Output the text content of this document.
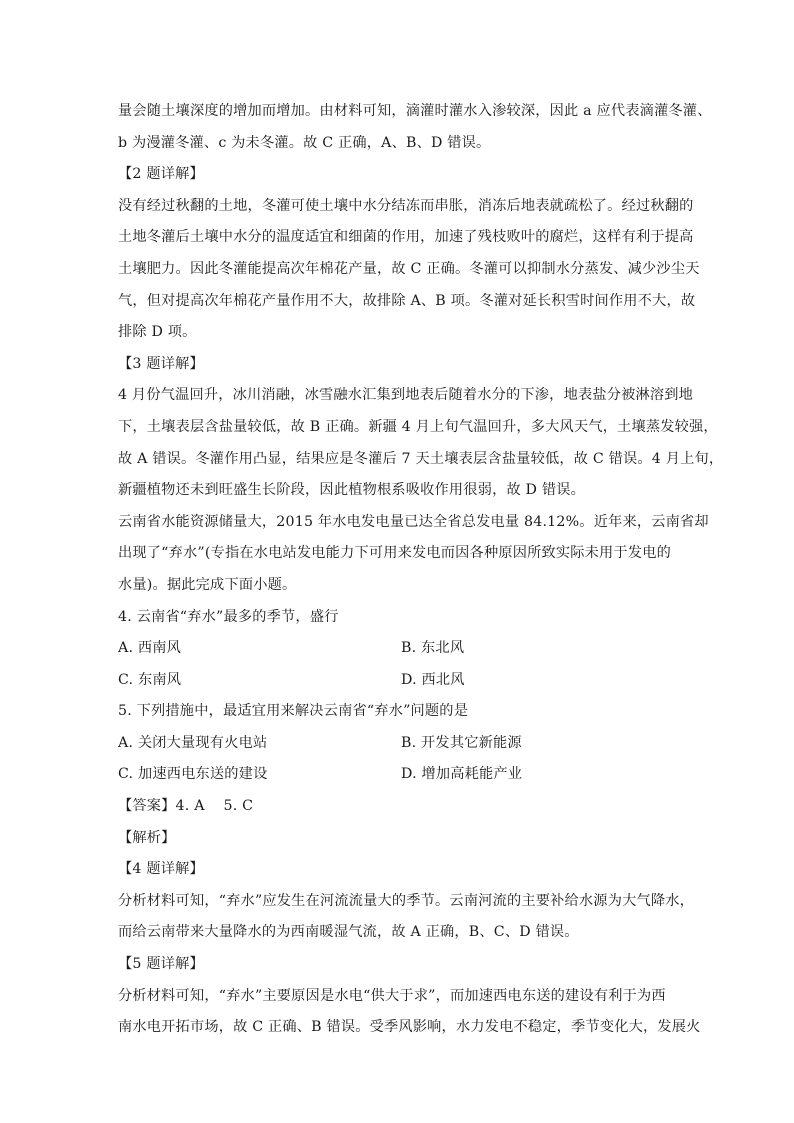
量会随土壤深度的增加而增加。由材料可知，滴灌时灌水入渗较深，因此 a 应代表滴灌冬灌、
b 为漫灌冬灌、c 为未冬灌。故 C 正确，A、B、D 错误。
【2 题详解】
没有经过秋翻的土地，冬灌可使土壤中水分结冻而串胀，消冻后地表就疏松了。经过秋翻的
土地冬灌后土壤中水分的温度适宜和细菌的作用，加速了残枝败叶的腐烂，这样有利于提高
土壤肥力。因此冬灌能提高次年棉花产量，故 C 正确。冬灌可以抑制水分蒸发、减少沙尘天
气，但对提高次年棉花产量作用不大，故排除 A、B 项。冬灌对延长积雪时间作用不大，故
排除 D 项。
【3 题详解】
4 月份气温回升，冰川消融，冰雪融水汇集到地表后随着水分的下渗，地表盐分被淋溶到地
下，土壤表层含盐量较低，故 B 正确。新疆 4 月上旬气温回升，多大风天气，土壤蒸发较强，
故 A 错误。冬灌作用凸显，结果应是冬灌后 7 天土壤表层含盐量较低，故 C 错误。4 月上旬，
新疆植物还未到旺盛生长阶段，因此植物根系吸收作用很弱，故 D 错误。
云南省水能资源储量大，2015 年水电发电量已达全省总发电量 84.12%。近年来，云南省却
出现了“弃水”(专指在水电站发电能力下可用来发电而因各种原因所致实际未用于发电的
水量)。据此完成下面小题。
4. 云南省“弃水”最多的季节，盛行
A. 西南风	B. 东北风
C. 东南风	D. 西北风
5. 下列措施中，最适宜用来解决云南省“弃水”问题的是
A. 关闭大量现有火电站	B. 开发其它新能源
C. 加速西电东送的建设	D. 增加高耗能产业
【答案】4. A    5. C
【解析】
【4 题详解】
分析材料可知，“弃水”应发生在河流流量大的季节。云南河流的主要补给水源为大气降水，
而给云南带来大量降水的为西南暖湿气流，故 A 正确，B、C、D 错误。
【5 题详解】
分析材料可知，“弃水”主要原因是水电“供大于求”，而加速西电东送的建设有利于为西
南水电开拓市场，故 C 正确、B 错误。受季风影响，水力发电不稳定，季节变化大，发展火
